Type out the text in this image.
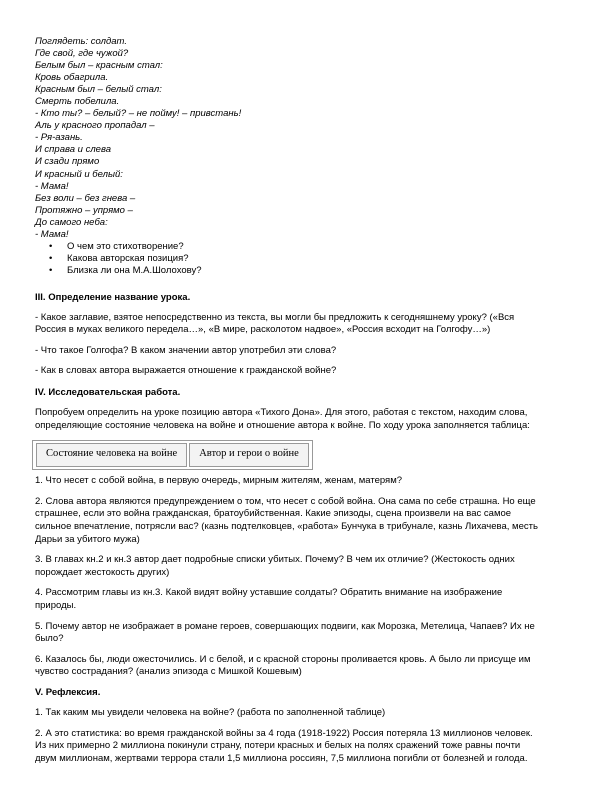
Поглядеть: солдат.
Где свой, где чужой?
Белым был – красным стал:
Кровь обагрила.
Красным был – белый стал:
Смерть побелила.
- Кто ты? – белый? – не пойму! – привстань!
Аль у красного пропадал –
- Ря-азань.
И справа и слева
И сзади прямо
И красный и белый:
- Мама!
Без воли – без гнева –
Протяжно – упрямо –
До самого неба:
- Мама!
• О чем это стихотворение?
• Какова авторская позиция?
• Близка ли она М.А.Шолохову?
III. Определение название урока.

- Какое заглавие, взятое непосредственно из текста, вы могли бы предложить к сегодняшнему уроку? («Вся

Россия в муках великого передела…», «В мире, расколотом надвое», «Россия всходит на Голгофу…»)

- Что такое Голгофа? В каком значении автор употребил эти слова?

- Как в словах автора выражается отношение к гражданской войне?

IV. Исследовательская работа.

Попробуем определить на уроке позицию автора «Тихого Дона». Для этого, работая с текстом, находим слова,

определяющие состояние человека на войне и отношение автора к войне. По ходу урока заполняется таблица:

Состояние человека на войне	Автор и герои о войне

1. Что несет с собой война, в первую очередь, мирным жителям, женам, матерям?

2. Слова автора являются предупреждением о том, что несет с собой война. Она сама по себе страшна. Но еще

страшнее, если это война гражданская, братоубийственная. Какие эпизоды, сцена произвели на вас самое

сильное впечатление, потрясли вас? (казнь подтелковцев, «работа» Бунчука в трибунале, казнь Лихачева, месть

Дарьи за убитого мужа)

3. В главах кн.2 и кн.3 автор дает подробные списки убитых. Почему? В чем их отличие? (Жестокость одних

порождает жестокость других)

4. Рассмотрим главы из кн.3. Какой видят войну уставшие солдаты? Обратить внимание на изображение

природы.

5. Почему автор не изображает в романе героев, совершающих подвиги, как Морозка, Метелица, Чапаев? Их не

было?

6. Казалось бы, люди ожесточились. И с белой, и с красной стороны проливается кровь. А было ли присуще им

чувство сострадания? (анализ эпизода с Мишкой Кошевым)

V. Рефлексия.

1. Так каким мы увидели человека на войне? (работа по заполненной таблице)

2. А это статистика: во время гражданской войны за 4 года (1918-1922) Россия потеряла 13 миллионов человек.

Из них примерно 2 миллиона покинули страну, потери красных и белых на полях сражений тоже равны почти

двум миллионам, жертвами террора стали 1,5 миллиона россиян, 7,5 миллиона погибли от болезней и голода.
